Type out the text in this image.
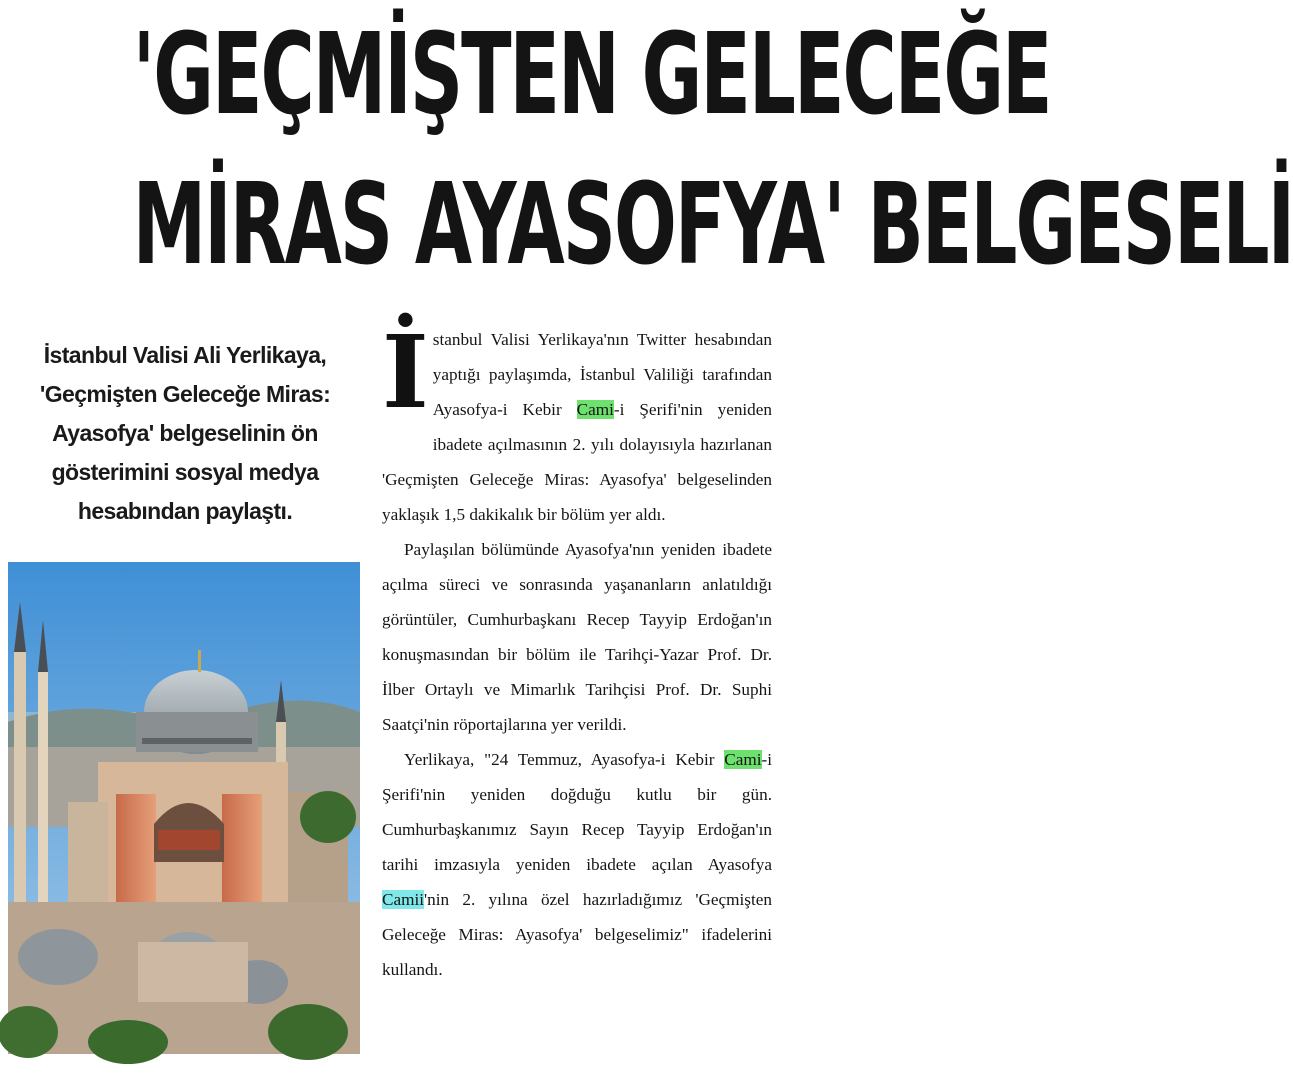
'GEÇMİŞTEN GELECEĞE
MİRAS AYASOFYA' BELGESELİ
İstanbul Valisi Ali Yerlikaya, 'Geçmişten Geleceğe Miras: Ayasofya' belgeselinin ön gösterimini sosyal medya hesabından paylaştı.

İstanbul Valisi Yerlikaya'nın Twitter hesabından yaptığı paylaşımda, İstanbul Valiliği tarafından Ayasofya-i Kebir Cami-i Şerifi'nin yeniden ibadete açılmasının 2. yılı dolayısıyla hazırlanan 'Geçmişten Geleceğe Miras: Ayasofya' belgeselinden yaklaşık 1,5 dakikalık bir bölüm yer aldı.

Paylaşılan bölümünde Ayasofya'nın yeniden ibadete açılma süreci ve sonrasında yaşananların anlatıldığı görüntüler, Cumhurbaşkanı Recep Tayyip Erdoğan'ın konuşmasından bir bölüm ile Tarihçi-Yazar Prof. Dr. İlber Ortaylı ve Mimarlık Tarihçisi Prof. Dr. Suphi Saatçi'nin röportajlarına yer verildi.

Yerlikaya, "24 Temmuz, Ayasofya-i Kebir Cami-i Şerifi'nin yeniden doğduğu kutlu bir gün. Cumhurbaşkanımız Sayın Recep Tayyip Erdoğan'ın tarihi imzasıyla yeniden ibadete açılan Ayasofya Camii'nin 2. yılına özel hazırladığımız 'Geçmişten Geleceğe Miras: Ayasofya' belgeselimiz" ifadelerini kullandı.
